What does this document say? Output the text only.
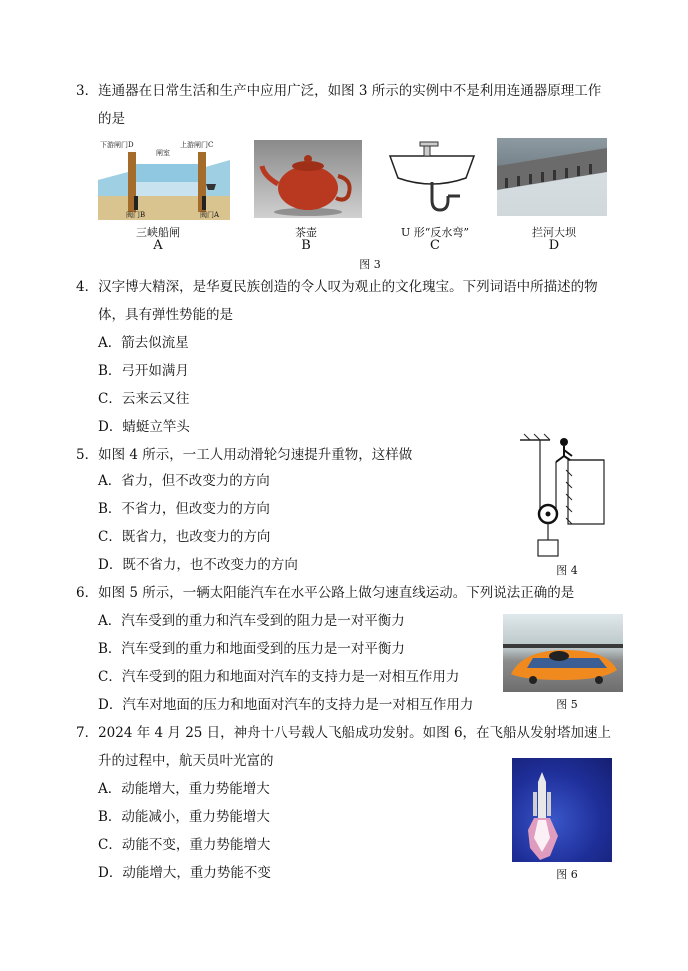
3．连通器在日常生活和生产中应用广泛，如图 3 所示的实例中不是利用连通器原理工作
的是
下游闸门D	上游闸门C
闸室
阀门B	阀门A
三峡船闸	茶壶	U 形“反水弯”	拦河大坝
A	B	C	D
图 3
4．汉字博大精深，是华夏民族创造的令人叹为观止的文化瑰宝。下列词语中所描述的物
体，具有弹性势能的是
A．箭去似流星
B．弓开如满月
C．云来云又往
D．蜻蜓立竿头
5．如图 4 所示，一工人用动滑轮匀速提升重物，这样做
A．省力，但不改变力的方向
B．不省力，但改变力的方向
C．既省力，也改变力的方向
D．既不省力，也不改变力的方向	图 4
6．如图 5 所示，一辆太阳能汽车在水平公路上做匀速直线运动。下列说法正确的是
A．汽车受到的重力和汽车受到的阻力是一对平衡力
B．汽车受到的重力和地面受到的压力是一对平衡力
C．汽车受到的阻力和地面对汽车的支持力是一对相互作用力
D．汽车对地面的压力和地面对汽车的支持力是一对相互作用力	图 5
7．2024 年 4 月 25 日，神舟十八号载人飞船成功发射。如图 6，在飞船从发射塔加速上
升的过程中，航天员叶光富的
A．动能增大，重力势能增大
B．动能减小，重力势能增大
C．动能不变，重力势能增大
D．动能增大，重力势能不变	图 6
